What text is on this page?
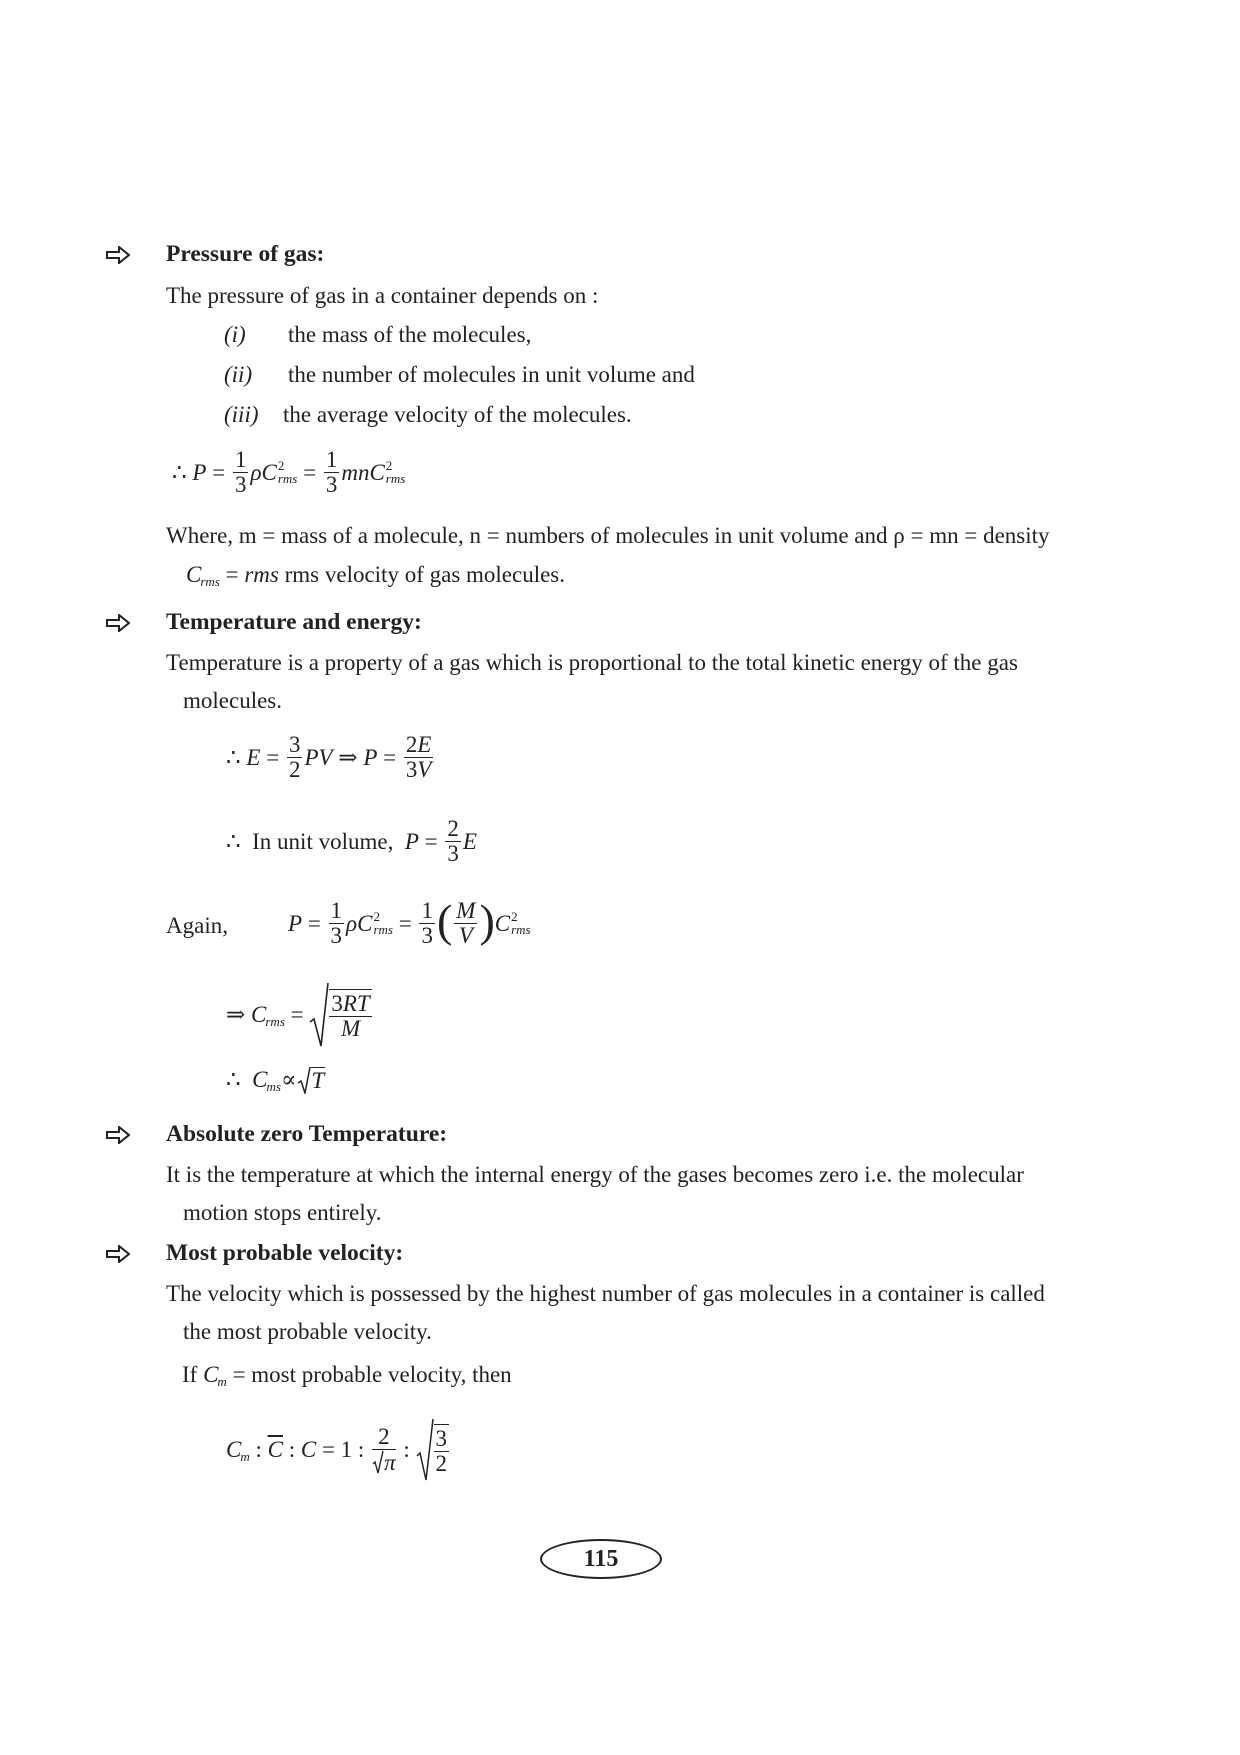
Pressure of gas:
The pressure of gas in a container depends on :
(i) the mass of the molecules,
(ii) the number of molecules in unit volume and
(iii) the average velocity of the molecules.
∴ $P = \frac{1}{3}$ ρC 2
rms = $\frac{1}{3}$ mnC 2
rms
Where, m = mass of a molecule, n = numbers of molecules in unit volume and ρ = mn = density
C rms = rms
rms velocity of gas molecules.
Temperature and energy:
Temperature is a property of a gas which is proportional to the total kinetic energy of the gas
molecules.
∴ $E = \frac{3}{2}$ PV ⇒ $P = \frac{2E}{3V}$
∴ In unit volume,
$P = \frac{2}{3}$ E
Again,	$P = \frac{1}{3}$ ρC 2
rms = $\frac{1}{3}$ ( $\frac{M}{V}$ ) C 2
rms
⇒ C rms = $\frac{3RT}{M}$
∴ C ms ∝ T
Absolute zero Temperature:
It is the temperature at which the internal energy of the gases becomes zero i.e. the molecular
motion stops entirely.
Most probable velocity:
The velocity which is possessed by the highest number of gas molecules in a container is called
the most probable velocity.
If C m = most probable velocity, then
C m : $\overline{C}$ : C = 1 : $\frac{2}{\pi}$ : $\frac{3}{2}$
115
